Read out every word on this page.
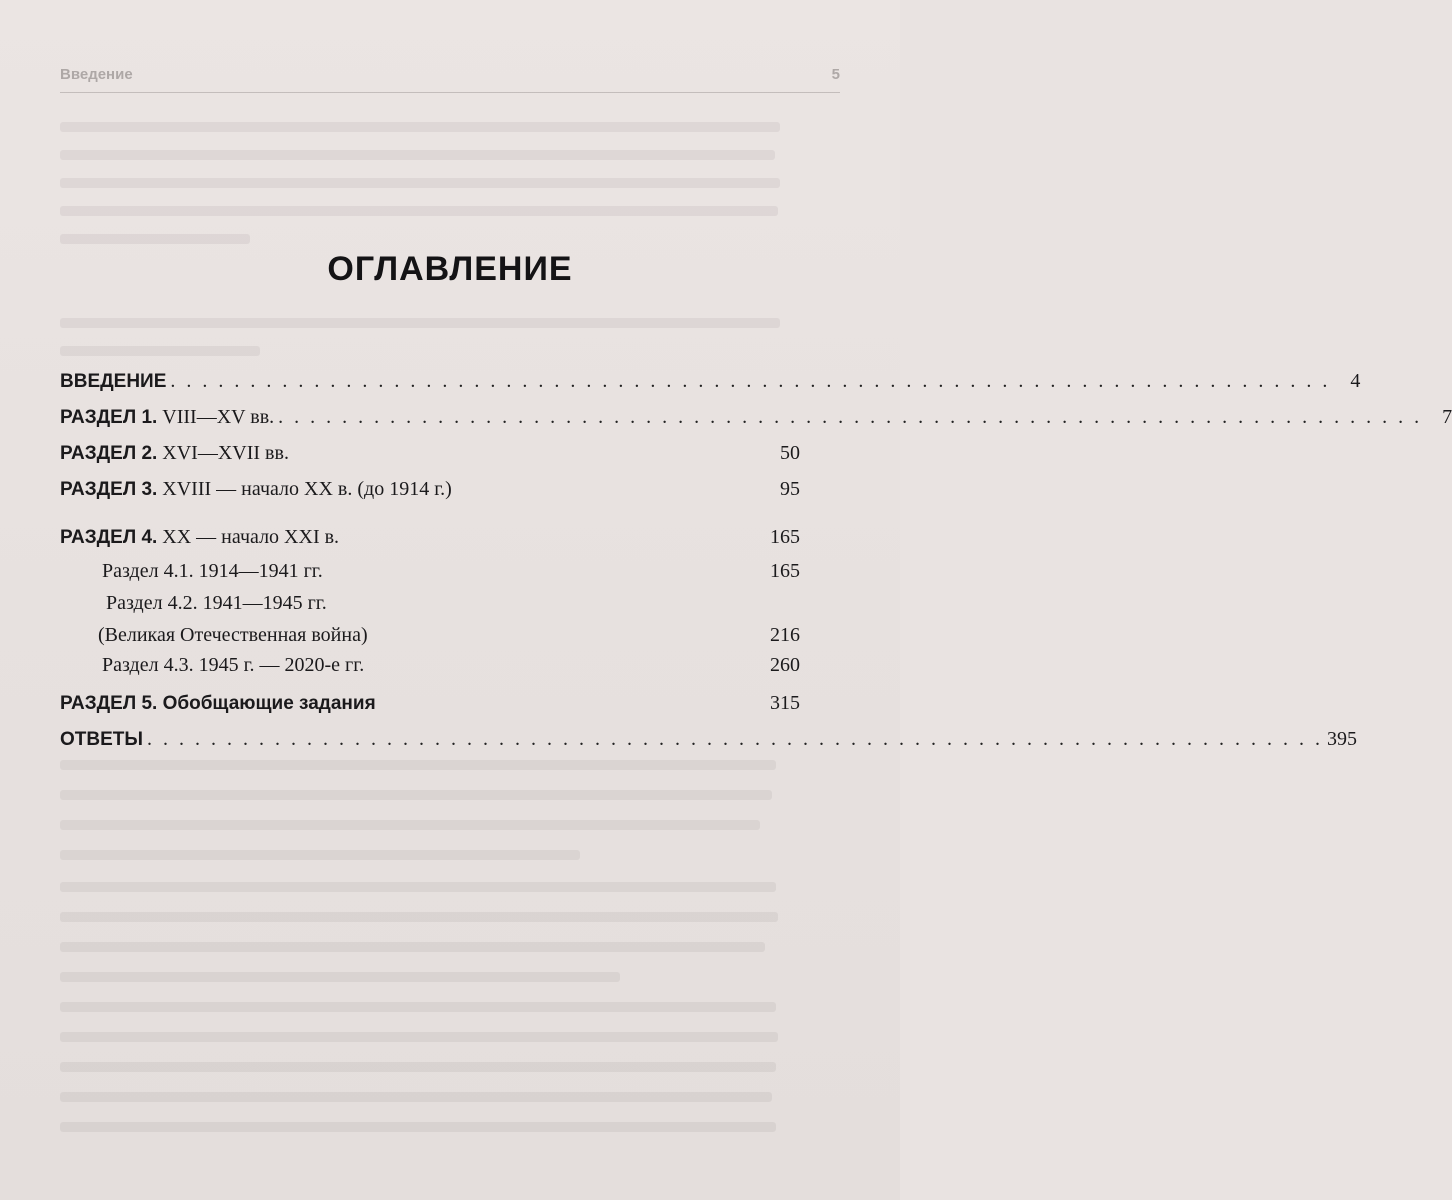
Введение	5
ОГЛАВЛЕНИЕ
ВВЕДЕНИЕ . . . . . . . . . . . . . . . . . . . . . . . . . . . . . . . . . . . . . . . . . . . . . . . . . . . . . . . . . . . . . . . . . . . . . . . . .	4
РАЗДЕЛ 1. VIII—XV вв. . . . . . . . . . . . . . . . . . . . . . . . . . . . . . . . . . . . . . . . . . . . . . . . . . . . . . . . . . . . . . . . . . . . . . . . .	7
РАЗДЕЛ 2. XVI—XVII вв.	50
РАЗДЕЛ 3. XVIII — начало XX в. (до 1914 г.)	95
РАЗДЕЛ 4. XX — начало XXI в.	165
Раздел 4.1. 1914—1941 гг.	165
Раздел 4.2. 1941—1945 гг.
(Великая Отечественная война)	216
Раздел 4.3. 1945 г. — 2020-е гг.	260
РАЗДЕЛ 5. Обобщающие задания	315
ОТВЕТЫ . . . . . . . . . . . . . . . . . . . . . . . . . . . . . . . . . . . . . . . . . . . . . . . . . . . . . . . . . . . . . . . . . . . . . . . . . . 395
